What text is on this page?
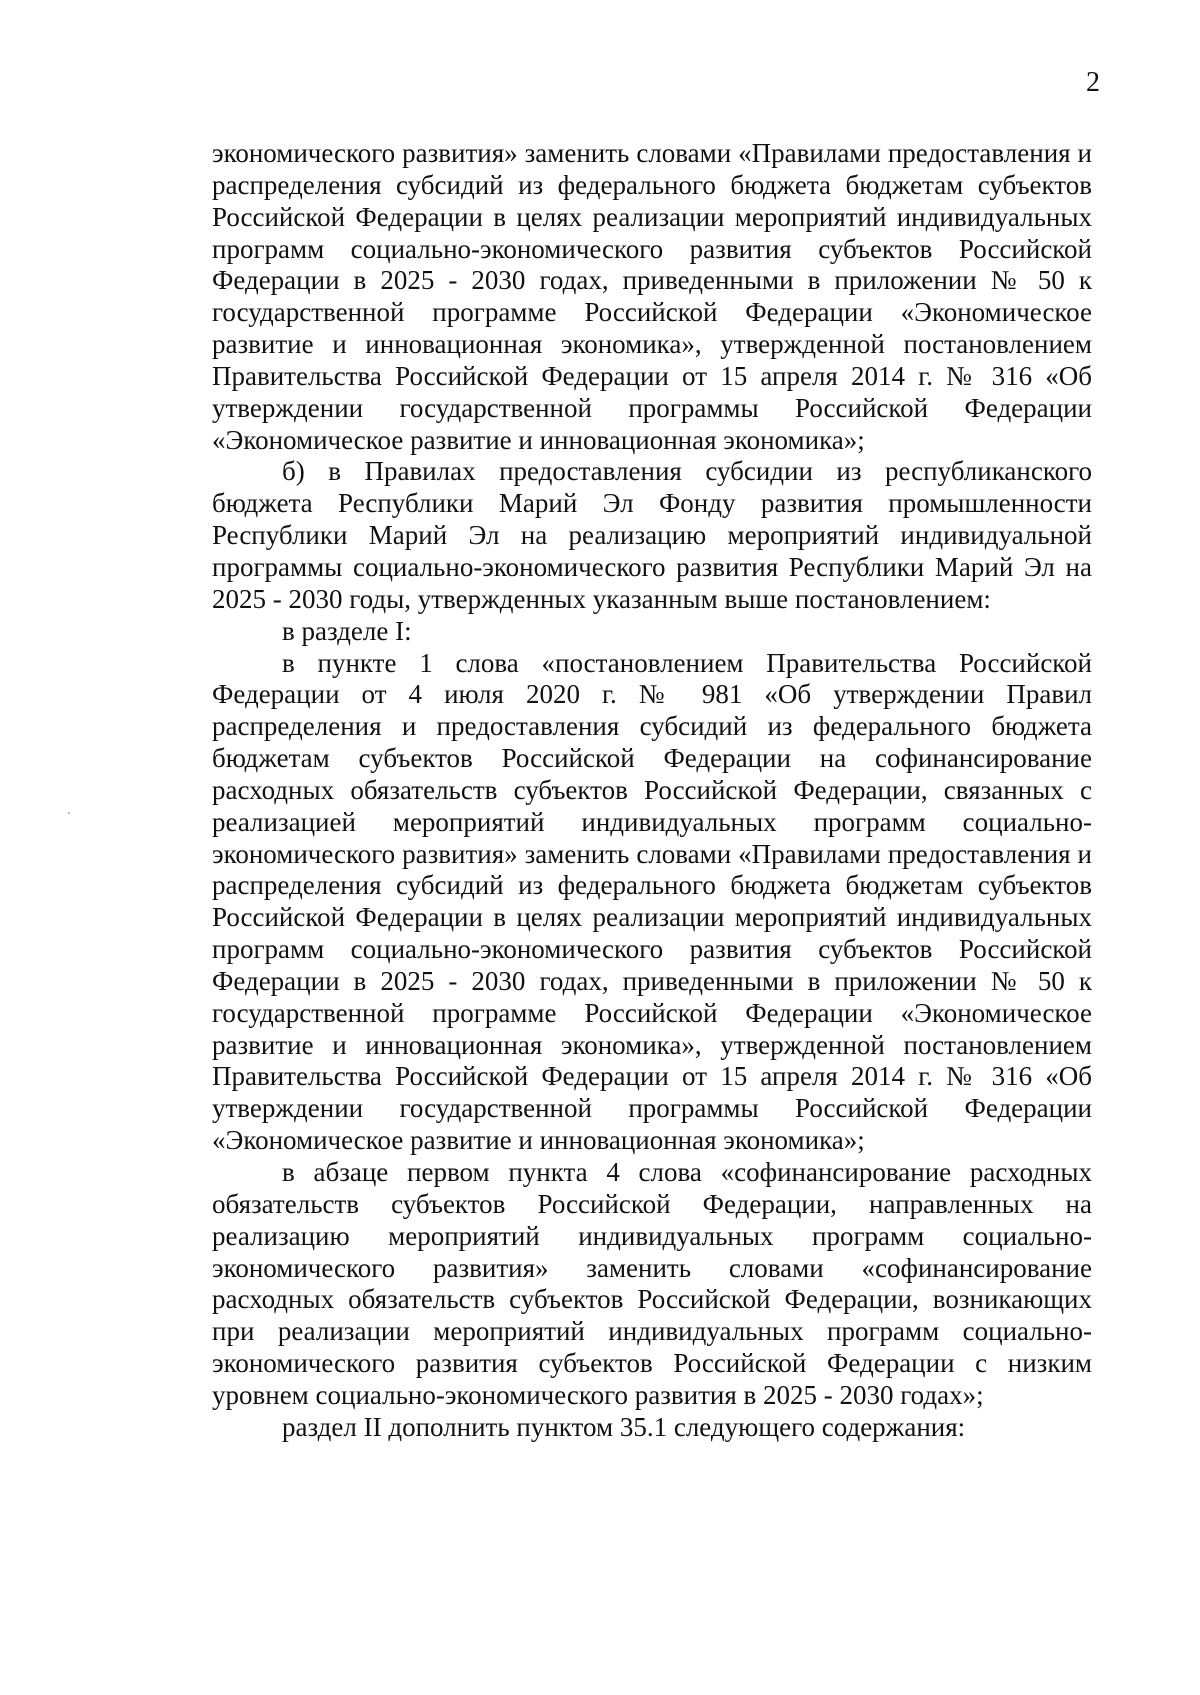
2

экономического развития» заменить словами «Правилами предоставления и распределения субсидий из федерального бюджета бюджетам субъектов Российской Федерации в целях реализации мероприятий индивидуальных программ социально-экономического развития субъектов Российской Федерации в 2025 - 2030 годах, приведенными в приложении № 50 к государственной программе Российской Федерации «Экономическое развитие и инновационная экономика», утвержденной постановлением Правительства Российской Федерации от 15 апреля 2014 г. № 316 «Об утверждении государственной программы Российской Федерации «Экономическое развитие и инновационная экономика»;

б) в Правилах предоставления субсидии из республиканского бюджета Республики Марий Эл Фонду развития промышленности Республики Марий Эл на реализацию мероприятий индивидуальной программы социально-экономического развития Республики Марий Эл на 2025 - 2030 годы, утвержденных указанным выше постановлением:

в разделе I:

в пункте 1 слова «постановлением Правительства Российской Федерации от 4 июля 2020 г. № 981 «Об утверждении Правил распределения и предоставления субсидий из федерального бюджета бюджетам субъектов Российской Федерации на софинансирование расходных обязательств субъектов Российской Федерации, связанных с реализацией мероприятий индивидуальных программ социально-экономического развития» заменить словами «Правилами предоставления и распределения субсидий из федерального бюджета бюджетам субъектов Российской Федерации в целях реализации мероприятий индивидуальных программ социально-экономического развития субъектов Российской Федерации в 2025 - 2030 годах, приведенными в приложении № 50 к государственной программе Российской Федерации «Экономическое развитие и инновационная экономика», утвержденной постановлением Правительства Российской Федерации от 15 апреля 2014 г. № 316 «Об утверждении государственной программы Российской Федерации «Экономическое развитие и инновационная экономика»;

в абзаце первом пункта 4 слова «софинансирование расходных обязательств субъектов Российской Федерации, направленных на реализацию мероприятий индивидуальных программ социально-экономического развития» заменить словами «софинансирование расходных обязательств субъектов Российской Федерации, возникающих при реализации мероприятий индивидуальных программ социально-экономического развития субъектов Российской Федерации с низким уровнем социально-экономического развития в 2025 - 2030 годах»;

раздел II дополнить пунктом 35.1 следующего содержания:
